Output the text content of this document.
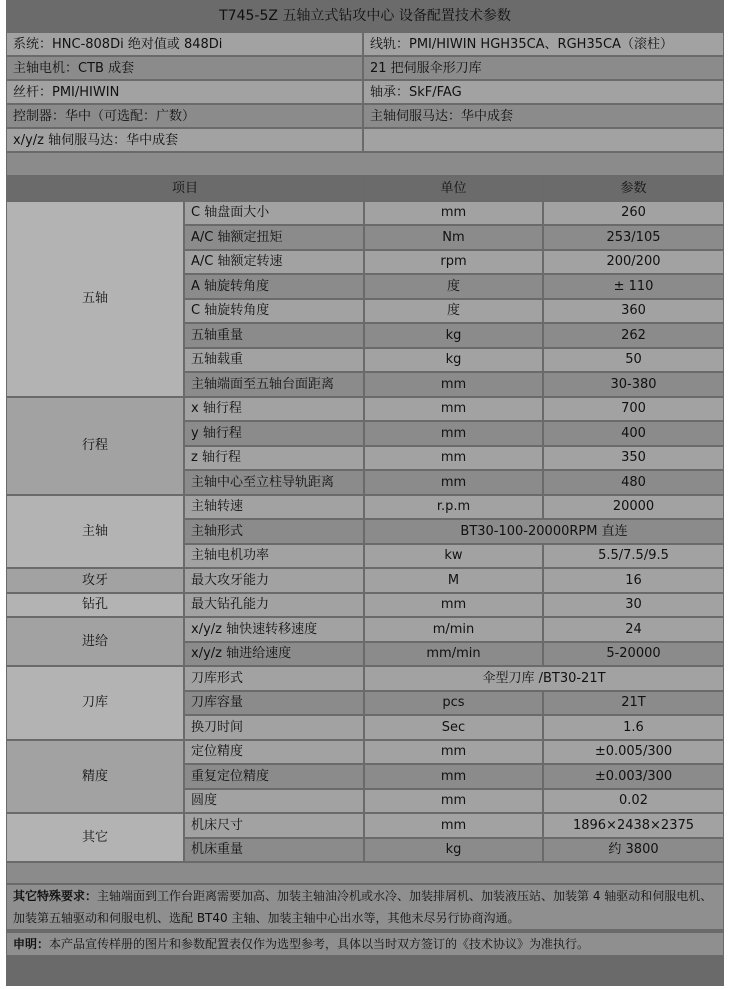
T745-5Z 五轴立式钻攻中心 设备配置技术参数
系统：HNC-808Di 绝对值或 848Di	线轨：PMI/HIWIN HGH35CA、RGH35CA（滚柱）
主轴电机：CTB 成套	21 把伺服伞形刀库
丝杆：PMI/HIWIN	轴承：SkF/FAG
控制器：华中（可选配：广数）	主轴伺服马达：华中成套
x/y/z 轴伺服马达：华中成套
项目	单位	参数
五轴
C 轴盘面大小	mm	260
A/C 轴额定扭矩	Nm	253/105
A/C 轴额定转速	rpm	200/200
A 轴旋转角度	度	± 110
C 轴旋转角度	度	360
五轴重量	kg	262
五轴载重	kg	50
主轴端面至五轴台面距离	mm	30-380
行程
x 轴行程	mm	700
y 轴行程	mm	400
z 轴行程	mm	350
主轴中心至立柱导轨距离	mm	480
主轴
主轴转速	r.p.m	20000
主轴形式	BT30-100-20000RPM 直连
主轴电机功率	kw	5.5/7.5/9.5
攻牙	最大攻牙能力	M	16
钻孔	最大钻孔能力	mm	30
进给
x/y/z 轴快速转移速度	m/min	24
x/y/z 轴进给速度	mm/min	5-20000
刀库
刀库形式	伞型刀库 /BT30-21T
刀库容量	pcs	21T
换刀时间	Sec	1.6
精度
定位精度	mm	±0.005/300
重复定位精度	mm	±0.003/300
圆度	mm	0.02
其它
机床尺寸	mm	1896×2438×2375
机床重量	kg	约 3800
其它特殊要求：主轴端面到工作台距离需要加高、加装主轴油冷机或水冷、加装排屑机、加装液压站、加装第 4 轴驱动和伺服电机、加装第五轴驱动和伺服电机、选配 BT40 主轴、加装主轴中心出水等，其他未尽另行协商沟通。
申明：本产品宣传样册的图片和参数配置表仅作为选型参考，具体以当时双方签订的《技术协议》为准执行。
